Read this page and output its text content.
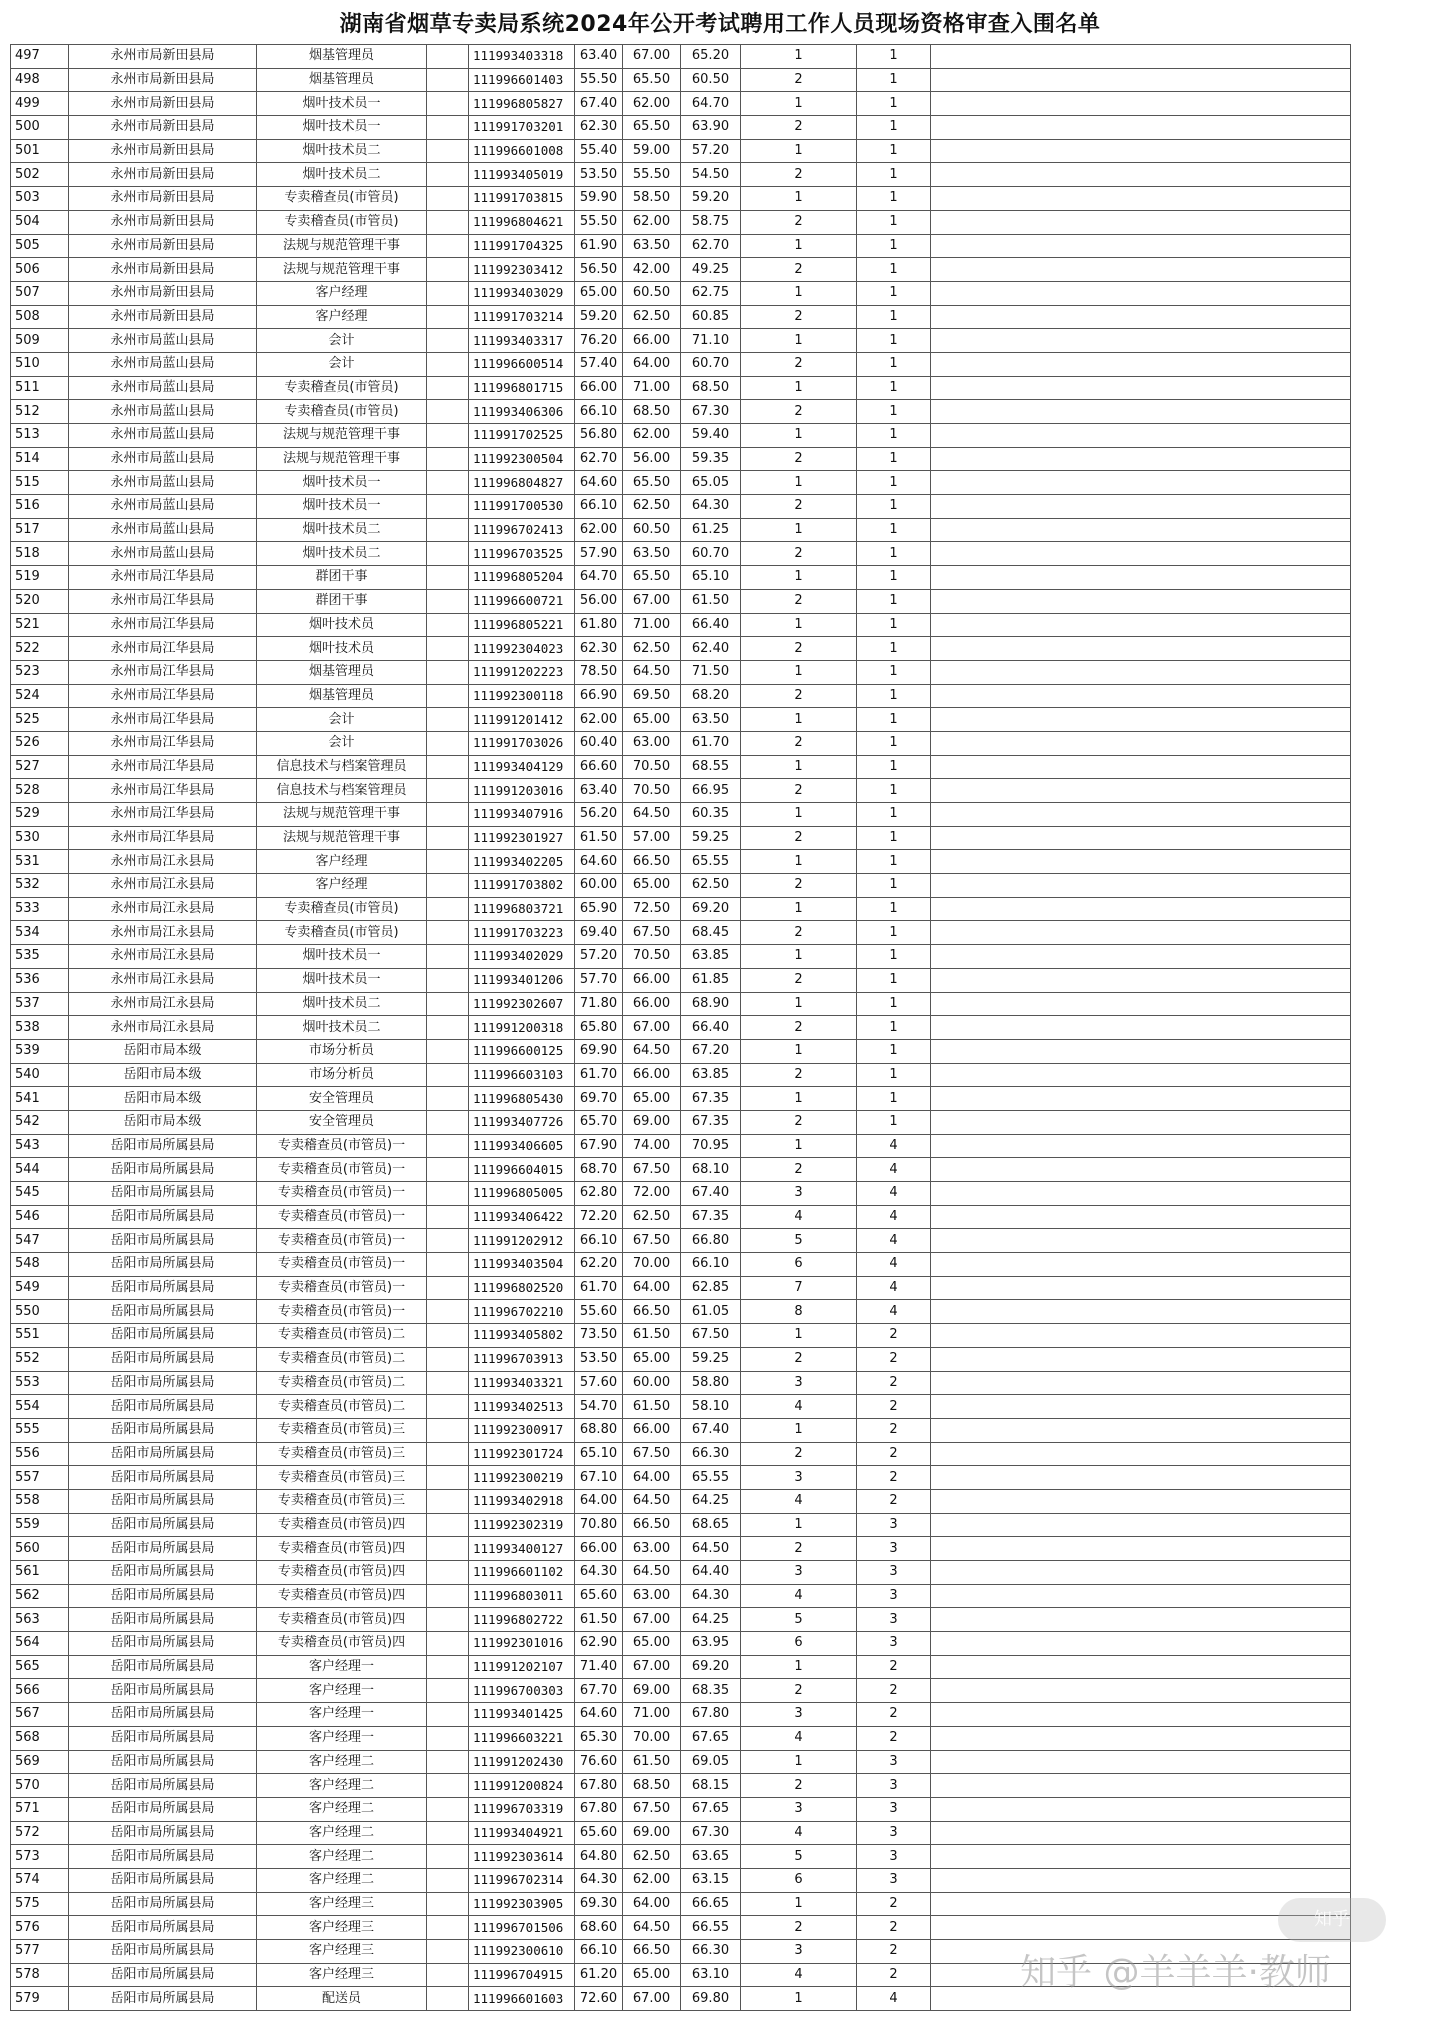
湖南省烟草专卖局系统2024年公开考试聘用工作人员现场资格审查入围名单
497	永州市局新田县局	烟基管理员		111993403318	63.40	67.00	65.20	1	1	
498	永州市局新田县局	烟基管理员		111996601403	55.50	65.50	60.50	2	1	
499	永州市局新田县局	烟叶技术员一		111996805827	67.40	62.00	64.70	1	1	
500	永州市局新田县局	烟叶技术员一		111991703201	62.30	65.50	63.90	2	1	
501	永州市局新田县局	烟叶技术员二		111996601008	55.40	59.00	57.20	1	1	
502	永州市局新田县局	烟叶技术员二		111993405019	53.50	55.50	54.50	2	1	
503	永州市局新田县局	专卖稽查员(市管员)		111991703815	59.90	58.50	59.20	1	1	
504	永州市局新田县局	专卖稽查员(市管员)		111996804621	55.50	62.00	58.75	2	1	
505	永州市局新田县局	法规与规范管理干事		111991704325	61.90	63.50	62.70	1	1	
506	永州市局新田县局	法规与规范管理干事		111992303412	56.50	42.00	49.25	2	1	
507	永州市局新田县局	客户经理		111993403029	65.00	60.50	62.75	1	1	
508	永州市局新田县局	客户经理		111991703214	59.20	62.50	60.85	2	1	
509	永州市局蓝山县局	会计		111993403317	76.20	66.00	71.10	1	1	
510	永州市局蓝山县局	会计		111996600514	57.40	64.00	60.70	2	1	
511	永州市局蓝山县局	专卖稽查员(市管员)		111996801715	66.00	71.00	68.50	1	1	
512	永州市局蓝山县局	专卖稽查员(市管员)		111993406306	66.10	68.50	67.30	2	1	
513	永州市局蓝山县局	法规与规范管理干事		111991702525	56.80	62.00	59.40	1	1	
514	永州市局蓝山县局	法规与规范管理干事		111992300504	62.70	56.00	59.35	2	1	
515	永州市局蓝山县局	烟叶技术员一		111996804827	64.60	65.50	65.05	1	1	
516	永州市局蓝山县局	烟叶技术员一		111991700530	66.10	62.50	64.30	2	1	
517	永州市局蓝山县局	烟叶技术员二		111996702413	62.00	60.50	61.25	1	1	
518	永州市局蓝山县局	烟叶技术员二		111996703525	57.90	63.50	60.70	2	1	
519	永州市局江华县局	群团干事		111996805204	64.70	65.50	65.10	1	1	
520	永州市局江华县局	群团干事		111996600721	56.00	67.00	61.50	2	1	
521	永州市局江华县局	烟叶技术员		111996805221	61.80	71.00	66.40	1	1	
522	永州市局江华县局	烟叶技术员		111992304023	62.30	62.50	62.40	2	1	
523	永州市局江华县局	烟基管理员		111991202223	78.50	64.50	71.50	1	1	
524	永州市局江华县局	烟基管理员		111992300118	66.90	69.50	68.20	2	1	
525	永州市局江华县局	会计		111991201412	62.00	65.00	63.50	1	1	
526	永州市局江华县局	会计		111991703026	60.40	63.00	61.70	2	1	
527	永州市局江华县局	信息技术与档案管理员		111993404129	66.60	70.50	68.55	1	1	
528	永州市局江华县局	信息技术与档案管理员		111991203016	63.40	70.50	66.95	2	1	
529	永州市局江华县局	法规与规范管理干事		111993407916	56.20	64.50	60.35	1	1	
530	永州市局江华县局	法规与规范管理干事		111992301927	61.50	57.00	59.25	2	1	
531	永州市局江永县局	客户经理		111993402205	64.60	66.50	65.55	1	1	
532	永州市局江永县局	客户经理		111991703802	60.00	65.00	62.50	2	1	
533	永州市局江永县局	专卖稽查员(市管员)		111996803721	65.90	72.50	69.20	1	1	
534	永州市局江永县局	专卖稽查员(市管员)		111991703223	69.40	67.50	68.45	2	1	
535	永州市局江永县局	烟叶技术员一		111993402029	57.20	70.50	63.85	1	1	
536	永州市局江永县局	烟叶技术员一		111993401206	57.70	66.00	61.85	2	1	
537	永州市局江永县局	烟叶技术员二		111992302607	71.80	66.00	68.90	1	1	
538	永州市局江永县局	烟叶技术员二		111991200318	65.80	67.00	66.40	2	1	
539	岳阳市局本级	市场分析员		111996600125	69.90	64.50	67.20	1	1	
540	岳阳市局本级	市场分析员		111996603103	61.70	66.00	63.85	2	1	
541	岳阳市局本级	安全管理员		111996805430	69.70	65.00	67.35	1	1	
542	岳阳市局本级	安全管理员		111993407726	65.70	69.00	67.35	2	1	
543	岳阳市局所属县局	专卖稽查员(市管员)一		111993406605	67.90	74.00	70.95	1	4	
544	岳阳市局所属县局	专卖稽查员(市管员)一		111996604015	68.70	67.50	68.10	2	4	
545	岳阳市局所属县局	专卖稽查员(市管员)一		111996805005	62.80	72.00	67.40	3	4	
546	岳阳市局所属县局	专卖稽查员(市管员)一		111993406422	72.20	62.50	67.35	4	4	
547	岳阳市局所属县局	专卖稽查员(市管员)一		111991202912	66.10	67.50	66.80	5	4	
548	岳阳市局所属县局	专卖稽查员(市管员)一		111993403504	62.20	70.00	66.10	6	4	
549	岳阳市局所属县局	专卖稽查员(市管员)一		111996802520	61.70	64.00	62.85	7	4	
550	岳阳市局所属县局	专卖稽查员(市管员)一		111996702210	55.60	66.50	61.05	8	4	
551	岳阳市局所属县局	专卖稽查员(市管员)二		111993405802	73.50	61.50	67.50	1	2	
552	岳阳市局所属县局	专卖稽查员(市管员)二		111996703913	53.50	65.00	59.25	2	2	
553	岳阳市局所属县局	专卖稽查员(市管员)二		111993403321	57.60	60.00	58.80	3	2	
554	岳阳市局所属县局	专卖稽查员(市管员)二		111993402513	54.70	61.50	58.10	4	2	
555	岳阳市局所属县局	专卖稽查员(市管员)三		111992300917	68.80	66.00	67.40	1	2	
556	岳阳市局所属县局	专卖稽查员(市管员)三		111992301724	65.10	67.50	66.30	2	2	
557	岳阳市局所属县局	专卖稽查员(市管员)三		111992300219	67.10	64.00	65.55	3	2	
558	岳阳市局所属县局	专卖稽查员(市管员)三		111993402918	64.00	64.50	64.25	4	2	
559	岳阳市局所属县局	专卖稽查员(市管员)四		111992302319	70.80	66.50	68.65	1	3	
560	岳阳市局所属县局	专卖稽查员(市管员)四		111993400127	66.00	63.00	64.50	2	3	
561	岳阳市局所属县局	专卖稽查员(市管员)四		111996601102	64.30	64.50	64.40	3	3	
562	岳阳市局所属县局	专卖稽查员(市管员)四		111996803011	65.60	63.00	64.30	4	3	
563	岳阳市局所属县局	专卖稽查员(市管员)四		111996802722	61.50	67.00	64.25	5	3	
564	岳阳市局所属县局	专卖稽查员(市管员)四		111992301016	62.90	65.00	63.95	6	3	
565	岳阳市局所属县局	客户经理一		111991202107	71.40	67.00	69.20	1	2	
566	岳阳市局所属县局	客户经理一		111996700303	67.70	69.00	68.35	2	2	
567	岳阳市局所属县局	客户经理一		111993401425	64.60	71.00	67.80	3	2	
568	岳阳市局所属县局	客户经理一		111996603221	65.30	70.00	67.65	4	2	
569	岳阳市局所属县局	客户经理二		111991202430	76.60	61.50	69.05	1	3	
570	岳阳市局所属县局	客户经理二		111991200824	67.80	68.50	68.15	2	3	
571	岳阳市局所属县局	客户经理二		111996703319	67.80	67.50	67.65	3	3	
572	岳阳市局所属县局	客户经理二		111993404921	65.60	69.00	67.30	4	3	
573	岳阳市局所属县局	客户经理二		111992303614	64.80	62.50	63.65	5	3	
574	岳阳市局所属县局	客户经理二		111996702314	64.30	62.00	63.15	6	3	
575	岳阳市局所属县局	客户经理三		111992303905	69.30	64.00	66.65	1	2	
576	岳阳市局所属县局	客户经理三		111996701506	68.60	64.50	66.55	2	2	
577	岳阳市局所属县局	客户经理三		111992300610	66.10	66.50	66.30	3	2	
578	岳阳市局所属县局	客户经理三		111996704915	61.20	65.00	63.10	4	2	
579	岳阳市局所属县局	配送员		111996601603	72.60	67.00	69.80	1	4	
知乎
知乎 @羊羊羊·教师
